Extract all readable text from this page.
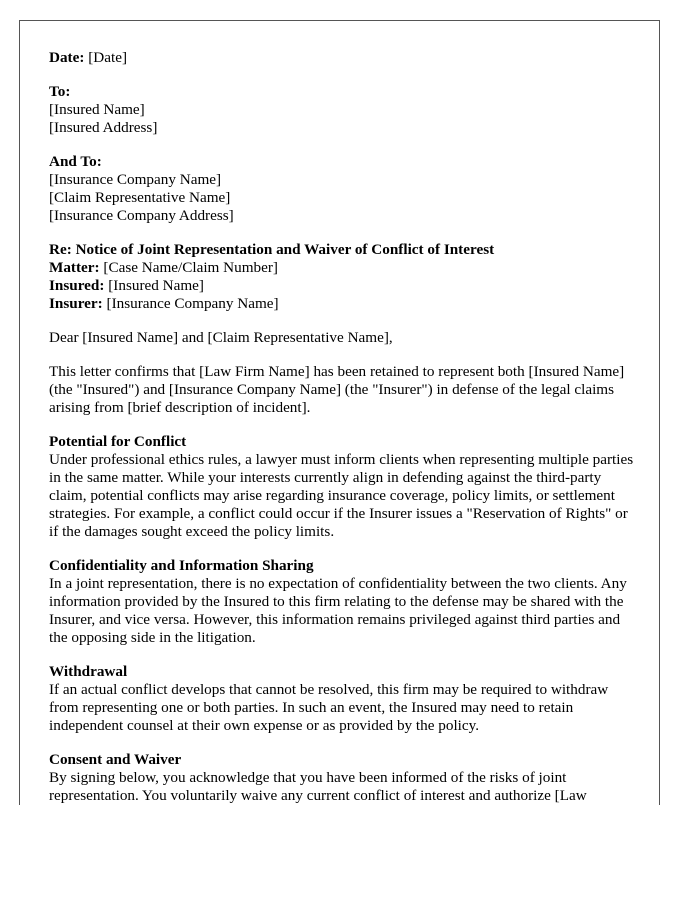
Date: [Date]
To:
[Insured Name]
[Insured Address]
And To:
[Insurance Company Name]
[Claim Representative Name]
[Insurance Company Address]
Re: Notice of Joint Representation and Waiver of Conflict of Interest
Matter: [Case Name/Claim Number]
Insured: [Insured Name]
Insurer: [Insurance Company Name]

Dear [Insured Name] and [Claim Representative Name],

This letter confirms that [Law Firm Name] has been retained to represent both [Insured Name] (the "Insured") and [Insurance Company Name] (the "Insurer") in defense of the legal claims arising from [brief description of incident].

Potential for Conflict
Under professional ethics rules, a lawyer must inform clients when representing multiple parties in the same matter. While your interests currently align in defending against the third-party claim, potential conflicts may arise regarding insurance coverage, policy limits, or settlement strategies. For example, a conflict could occur if the Insurer issues a "Reservation of Rights" or if the damages sought exceed the policy limits.
Confidentiality and Information Sharing
In a joint representation, there is no expectation of confidentiality between the two clients. Any information provided by the Insured to this firm relating to the defense may be shared with the Insurer, and vice versa. However, this information remains privileged against third parties and the opposing side in the litigation.
Withdrawal
If an actual conflict develops that cannot be resolved, this firm may be required to withdraw from representing one or both parties. In such an event, the Insured may need to retain independent counsel at their own expense or as provided by the policy.
Consent and Waiver
By signing below, you acknowledge that you have been informed of the risks of joint representation. You voluntarily waive any current conflict of interest and authorize [Law
